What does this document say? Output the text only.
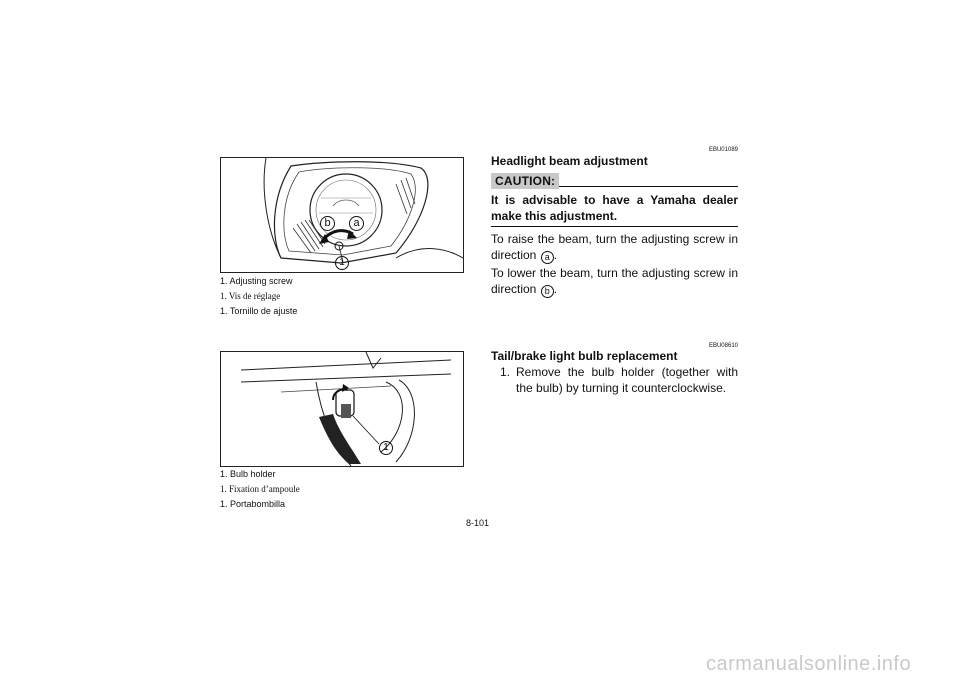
b	a
1
1. Adjusting screw
1. Vis de réglage
1. Tornillo de ajuste
1
1. Bulb holder
1. Fixation d’ampoule
1. Portabombilla
EBU01089
Headlight beam adjustment
CAUTION:
It is advisable to have a Yamaha dealer make this adjustment.
To raise the beam, turn the adjusting screw in direction a .
To lower the beam, turn the adjusting screw in direction b .
EBU08610
Tail/brake light bulb replacement
1. Remove the bulb holder (together with the bulb) by turning it counterclockwise.
8-101
carmanualsonline.info
